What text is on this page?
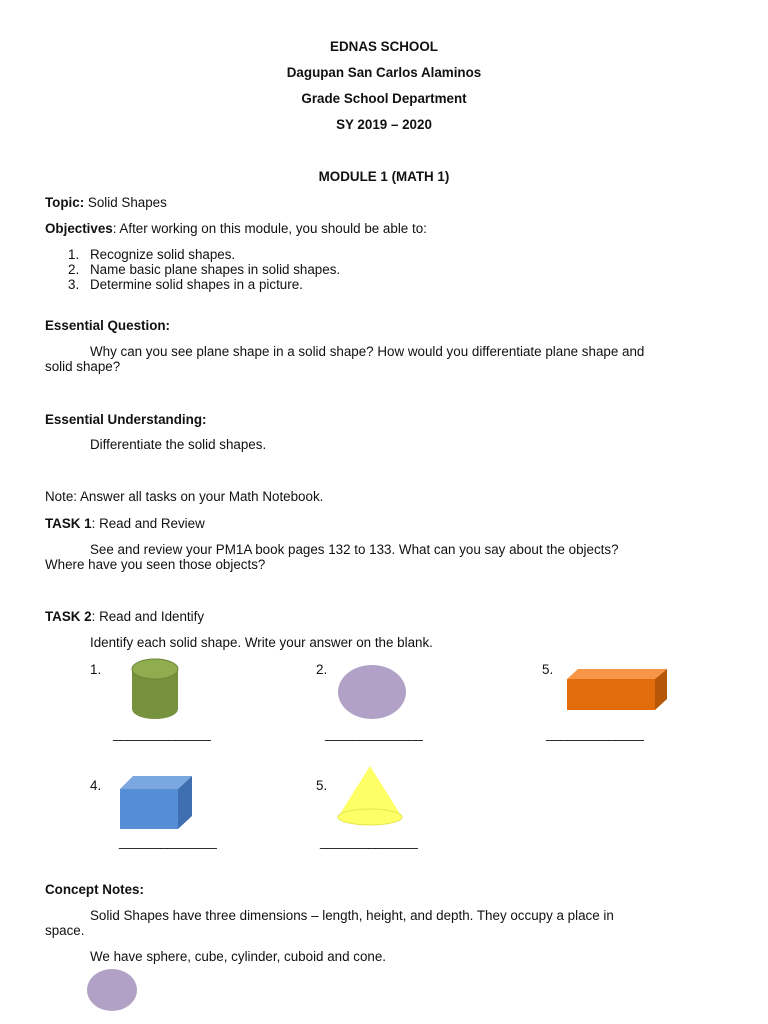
EDNAS SCHOOL
Dagupan San Carlos Alaminos
Grade School Department
SY 2019 – 2020
MODULE 1 (MATH 1)
Topic: Solid Shapes
Objectives: After working on this module, you should be able to:
1. Recognize solid shapes.
2. Name basic plane shapes in solid shapes.
3. Determine solid shapes in a picture.
Essential Question:
Why can you see plane shape in a solid shape? How would you differentiate plane shape and
solid shape?
Essential Understanding:
Differentiate the solid shapes.
Note: Answer all tasks on your Math Notebook.
TASK 1: Read and Review
See and review your PM1A book pages 132 to 133. What can you say about the objects?
Where have you seen those objects?
TASK 2: Read and Identify
Identify each solid shape. Write your answer on the blank.
1.
______________
2.
______________
5.
______________
4.
______________
5.
______________
Concept Notes:
Solid Shapes have three dimensions – length, height, and depth. They occupy a place in
space.
We have sphere, cube, cylinder, cuboid and cone.
